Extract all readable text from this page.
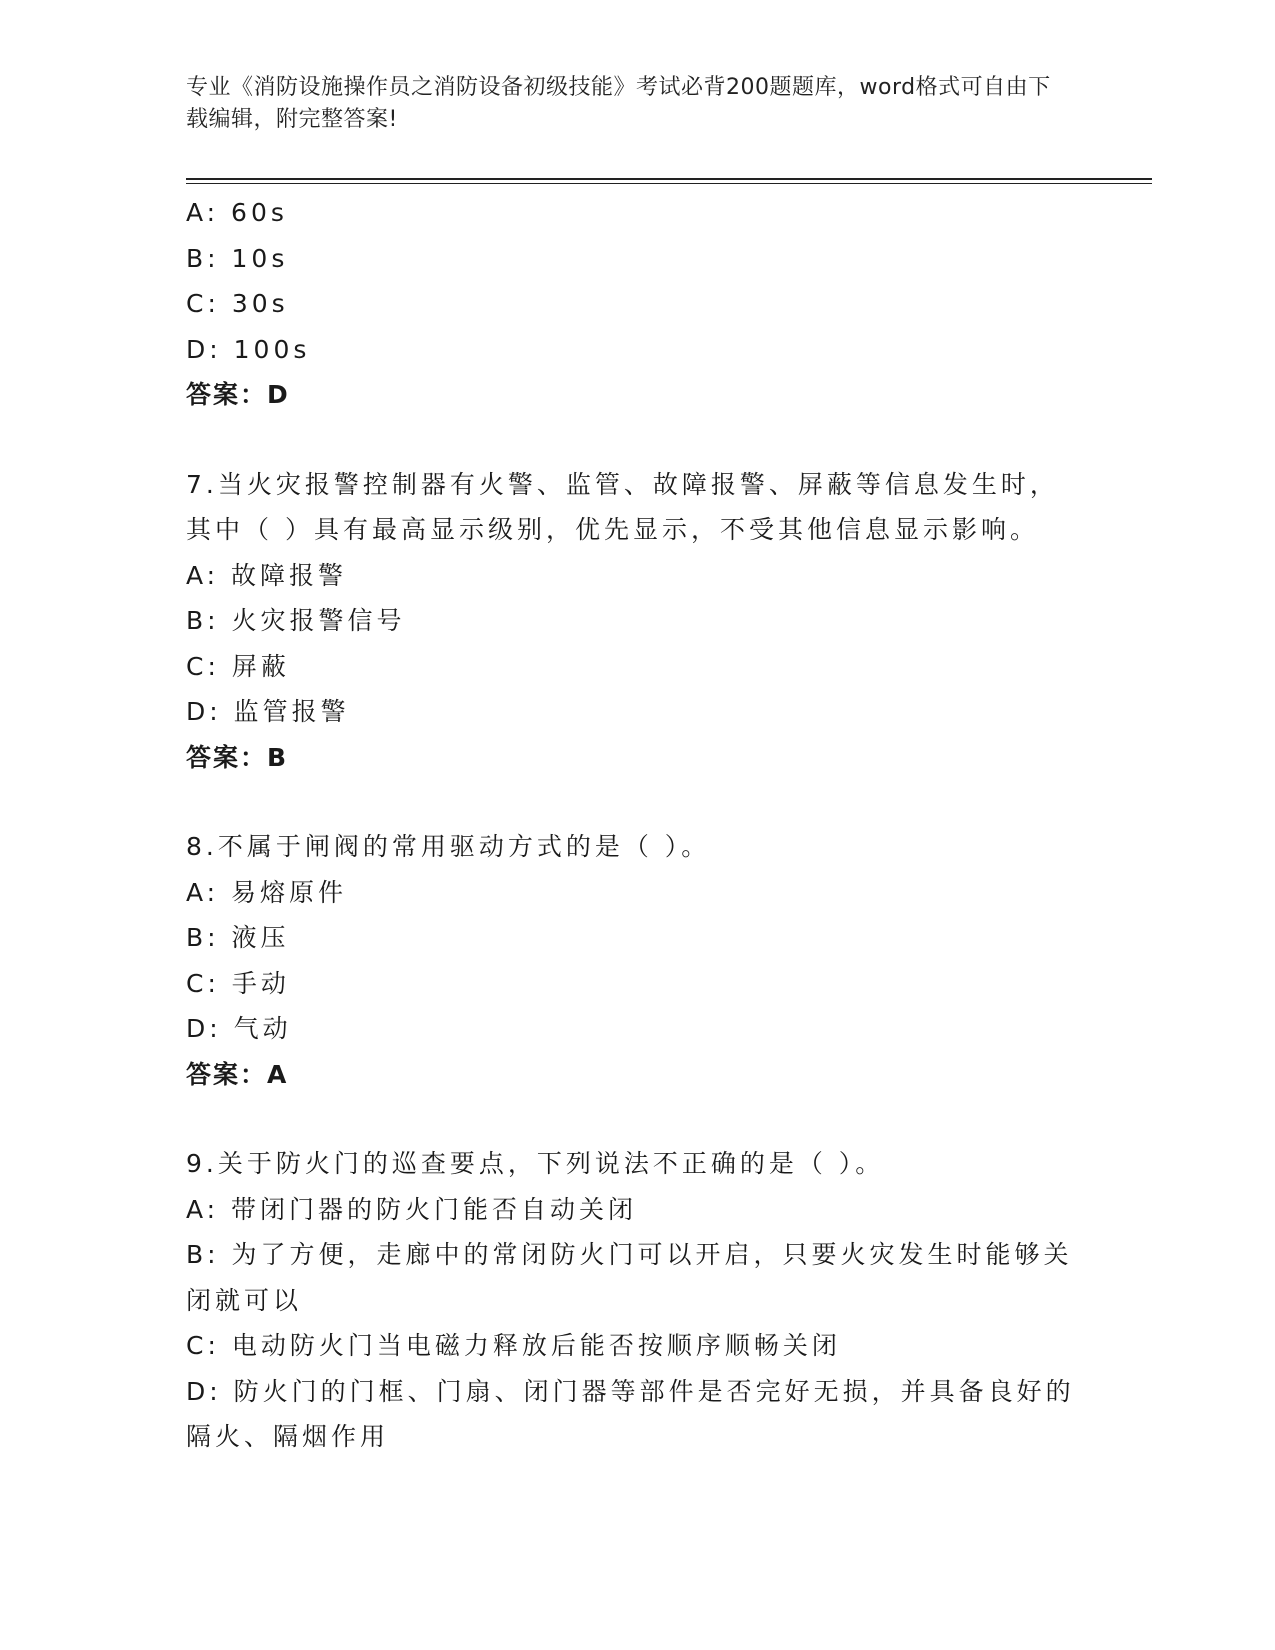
专业《消防设施操作员之消防设备初级技能》考试必背200题题库，word格式可自由下载编辑，附完整答案!
A: 60s
B: 10s
C: 30s
D: 100s
答案：D
7.当火灾报警控制器有火警、监管、故障报警、屏蔽等信息发生时，其中（ ）具有最高显示级别，优先显示，不受其他信息显示影响。
A: 故障报警
B: 火灾报警信号
C: 屏蔽
D: 监管报警
答案：B
8.不属于闸阀的常用驱动方式的是（ ）。
A: 易熔原件
B: 液压
C: 手动
D: 气动
答案：A
9.关于防火门的巡查要点，下列说法不正确的是（ ）。
A: 带闭门器的防火门能否自动关闭
B: 为了方便，走廊中的常闭防火门可以开启，只要火灾发生时能够关闭就可以
C: 电动防火门当电磁力释放后能否按顺序顺畅关闭
D: 防火门的门框、门扇、闭门器等部件是否完好无损，并具备良好的隔火、隔烟作用
